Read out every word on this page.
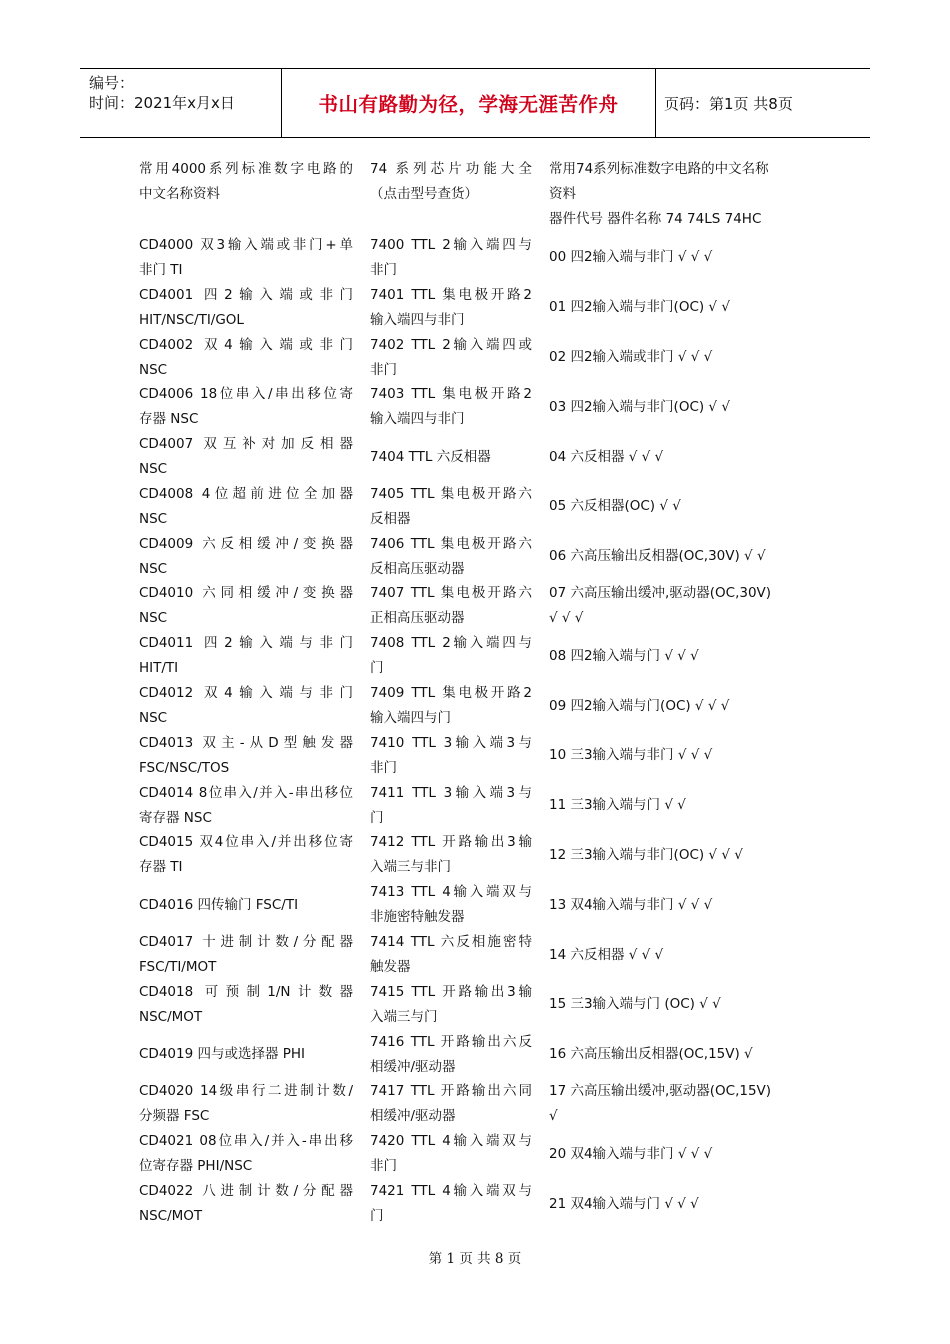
编号：
时间：2021年x月x日	书山有路勤为径，学海无涯苦作舟	页码：第1页 共8页
常用4000系列标准数字电路的
中文名称资料
74 系列芯片功能大全
（点击型号查货）
常用74系列标准数字电路的中文名称
资料
器件代号 器件名称 74 74LS 74HC
CD4000 双3输入端或非门+单
非门 TI
CD4001 四2输入端或非门
HIT/NSC/TI/GOL
CD4002 双4输入端或非门
NSC
CD4006 18位串入/串出移位寄
存器 NSC
CD4007 双互补对加反相器
NSC
CD4008 4位超前进位全加器
NSC
CD4009 六反相缓冲/变换器
NSC
CD4010 六同相缓冲/变换器
NSC
CD4011 四2输入端与非门
HIT/TI
CD4012 双4输入端与非门
NSC
CD4013 双主-从D型触发器
FSC/NSC/TOS
CD4014 8位串入/并入-串出移位
寄存器 NSC
CD4015 双4位串入/并出移位寄
存器 TI
CD4016 四传输门 FSC/TI
CD4017 十进制计数/分配器
FSC/TI/MOT
CD4018 可预制1/N计数器
NSC/MOT
CD4019 四与或选择器 PHI
CD4020 14级串行二进制计数/
分频器 FSC
CD4021 08位串入/并入-串出移
位寄存器 PHI/NSC
CD4022 八进制计数/分配器
NSC/MOT
7400 TTL 2输入端四与
非门
7401 TTL 集电极开路2
输入端四与非门
7402 TTL 2输入端四或
非门
7403 TTL 集电极开路2
输入端四与非门
7404 TTL 六反相器
7405 TTL 集电极开路六
反相器
7406 TTL 集电极开路六
反相高压驱动器
7407 TTL 集电极开路六
正相高压驱动器
7408 TTL 2输入端四与
门
7409 TTL 集电极开路2
输入端四与门
7410 TTL 3输入端3与
非门
7411 TTL 3输入端3与
门
7412 TTL 开路输出3输
入端三与非门
7413 TTL 4输入端双与
非施密特触发器
7414 TTL 六反相施密特
触发器
7415 TTL 开路输出3输
入端三与门
7416 TTL 开路输出六反
相缓冲/驱动器
7417 TTL 开路输出六同
相缓冲/驱动器
7420 TTL 4输入端双与
非门
7421 TTL 4输入端双与
门
00 四2输入端与非门 √ √ √
01 四2输入端与非门(OC) √ √
02 四2输入端或非门 √ √ √
03 四2输入端与非门(OC) √ √
04 六反相器 √ √ √
05 六反相器(OC) √ √
06 六高压输出反相器(OC,30V) √ √
07 六高压输出缓冲,驱动器(OC,30V)
√ √ √
08 四2输入端与门 √ √ √
09 四2输入端与门(OC) √ √ √
10 三3输入端与非门 √ √ √
11 三3输入端与门 √ √
12 三3输入端与非门(OC) √ √ √
13 双4输入端与非门 √ √ √
14 六反相器 √ √ √
15 三3输入端与门 (OC) √ √
16 六高压输出反相器(OC,15V) √
17 六高压输出缓冲,驱动器(OC,15V)
√
20 双4输入端与非门 √ √ √
21 双4输入端与门 √ √ √
第 1 页 共 8 页
